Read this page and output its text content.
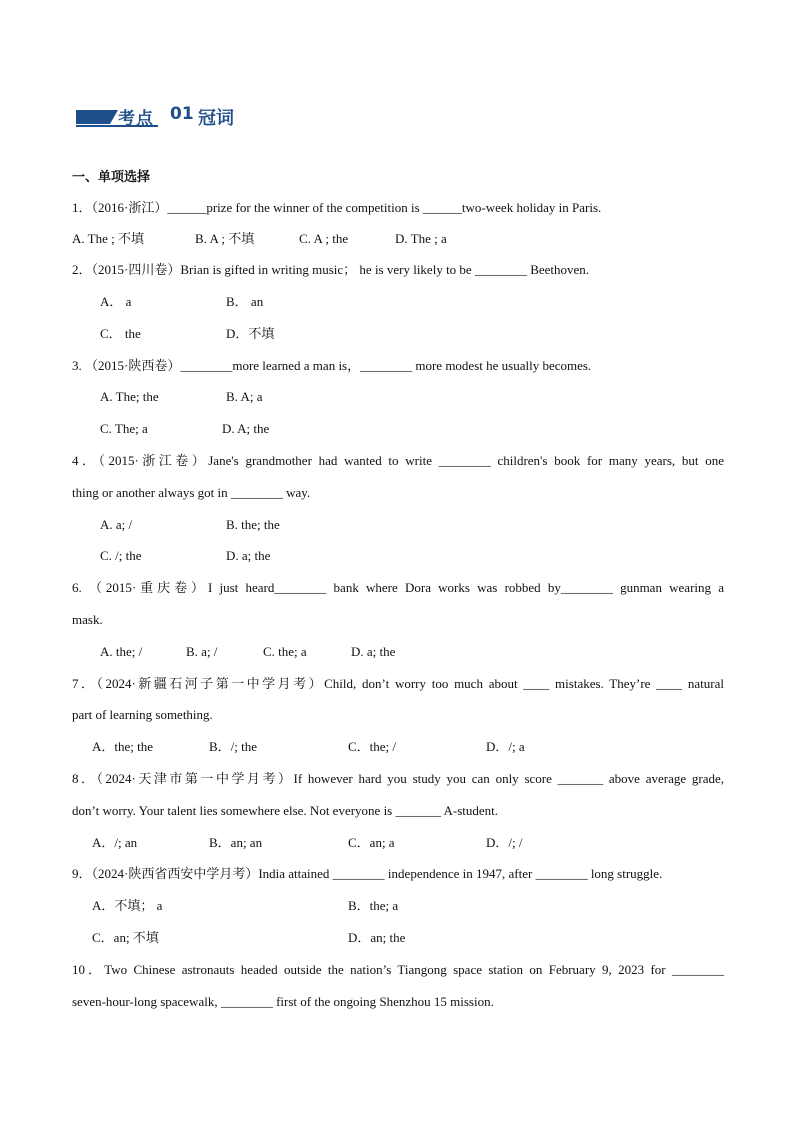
考点 01 冠词
一、单项选择
1．（2016·浙江）______prize for the winner of the competition is ______two-week holiday in Paris.
A. The ; 不填	B. A ; 不填	C. A ; the	D. The ; a
2．（2015·四川卷）Brian is gifted in writing music； he is very likely to be ________ Beethoven.
A． a	B． an
C． the	D．不填
3. （2015·陕西卷）________more learned a man is，________ more modest he usually becomes.
A. The; the	B. A; a
C. The; a	D. A; the
4．（2015·浙江卷）Jane's grandmother had wanted to write ________ children's book for many years, but one
thing or another always got in ________ way.
A. a; /	B. the; the
C. /; the	D. a; the
6. （2015·重庆卷）I just heard________ bank where Dora works was robbed by________ gunman wearing a
mask.
A. the; /	B. a; /	C. the; a	D. a; the
7．（2024·新疆石河子第一中学月考）Child, don’t worry too much about ____ mistakes. They’re ____ natural
part of learning something.
A．the; the	B．/; the	C．the; /	D．/; a
8．（2024·天津市第一中学月考）If however hard you study you can only score _______ above average grade,
don’t worry. Your talent lies somewhere else. Not everyone is _______ A-student.
A．/; an	B．an; an	C．an; a	D．/; /
9．（2024·陕西省西安中学月考）India attained ________ independence in 1947, after ________ long struggle.
A．不填； a	B．the; a
C．an; 不填	D．an; the
10．Two Chinese astronauts headed outside the nation’s Tiangong space station on February 9, 2023 for ________
seven-hour-long spacewalk, ________ first of the ongoing Shenzhou 15 mission.
